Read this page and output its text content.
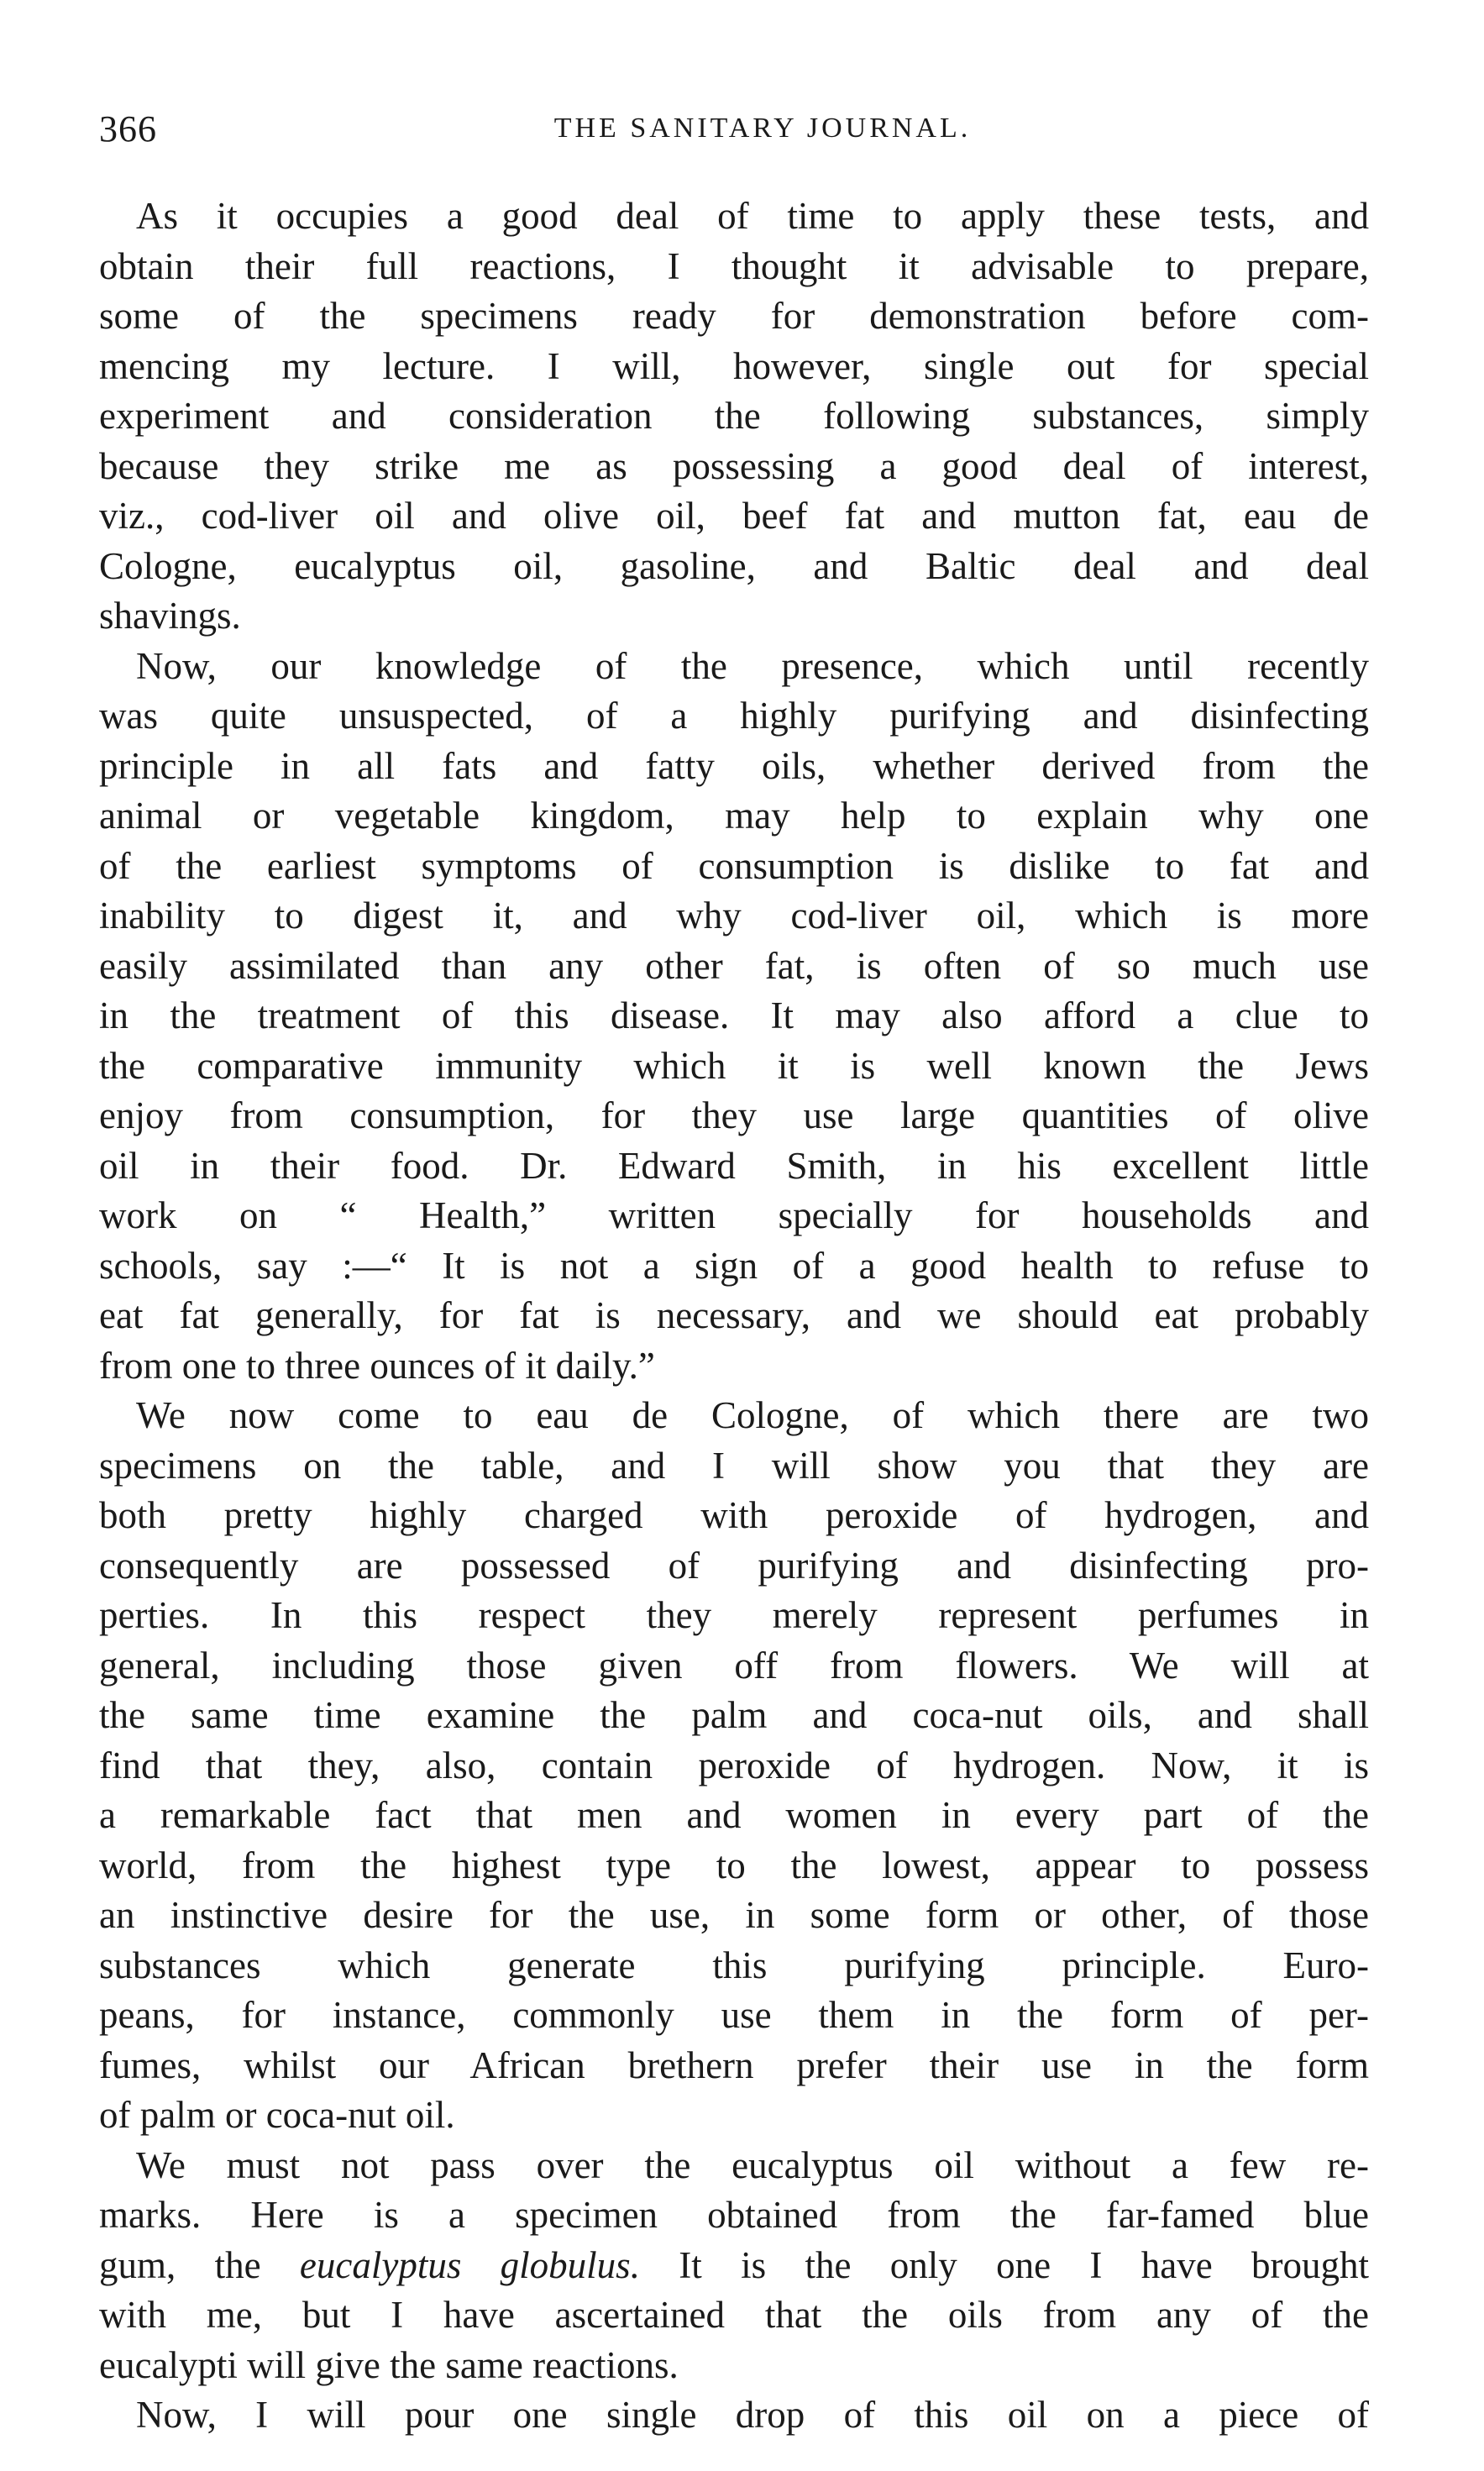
366	THE SANITARY JOURNAL.

As it occupies a good deal of time to apply these tests, and
obtain their full reactions, I thought it advisable to prepare,
some of the specimens ready for demonstration before com-
mencing my lecture. I will, however, single out for special
experiment and consideration the following substances, simply
because they strike me as possessing a good deal of interest,
viz., cod-liver oil and olive oil, beef fat and mutton fat, eau de
Cologne, eucalyptus oil, gasoline, and Baltic deal and deal
shavings.

Now, our knowledge of the presence, which until recently
was quite unsuspected, of a highly purifying and disinfecting
principle in all fats and fatty oils, whether derived from the
animal or vegetable kingdom, may help to explain why one
of the earliest symptoms of consumption is dislike to fat and
inability to digest it, and why cod-liver oil, which is more
easily assimilated than any other fat, is often of so much use
in the treatment of this disease. It may also afford a clue to
the comparative immunity which it is well known the Jews
enjoy from consumption, for they use large quantities of olive
oil in their food. Dr. Edward Smith, in his excellent little
work on “ Health,” written specially for households and
schools, say :—“ It is not a sign of a good health to refuse to
eat fat generally, for fat is necessary, and we should eat probably
from one to three ounces of it daily.”

We now come to eau de Cologne, of which there are two
specimens on the table, and I will show you that they are
both pretty highly charged with peroxide of hydrogen, and
consequently are possessed of purifying and disinfecting pro-
perties. In this respect they merely represent perfumes in
general, including those given off from flowers. We will at
the same time examine the palm and coca-nut oils, and shall
find that they, also, contain peroxide of hydrogen. Now, it is
a remarkable fact that men and women in every part of the
world, from the highest type to the lowest, appear to possess
an instinctive desire for the use, in some form or other, of those
substances which generate this purifying principle. Euro-
peans, for instance, commonly use them in the form of per-
fumes, whilst our African brethern prefer their use in the form
of palm or coca-nut oil.

We must not pass over the eucalyptus oil without a few re-
marks. Here is a specimen obtained from the far-famed blue
gum, the eucalyptus globulus. It is the only one I have brought
with me, but I have ascertained that the oils from any of the
eucalypti will give the same reactions.

Now, I will pour one single drop of this oil on a piece of
